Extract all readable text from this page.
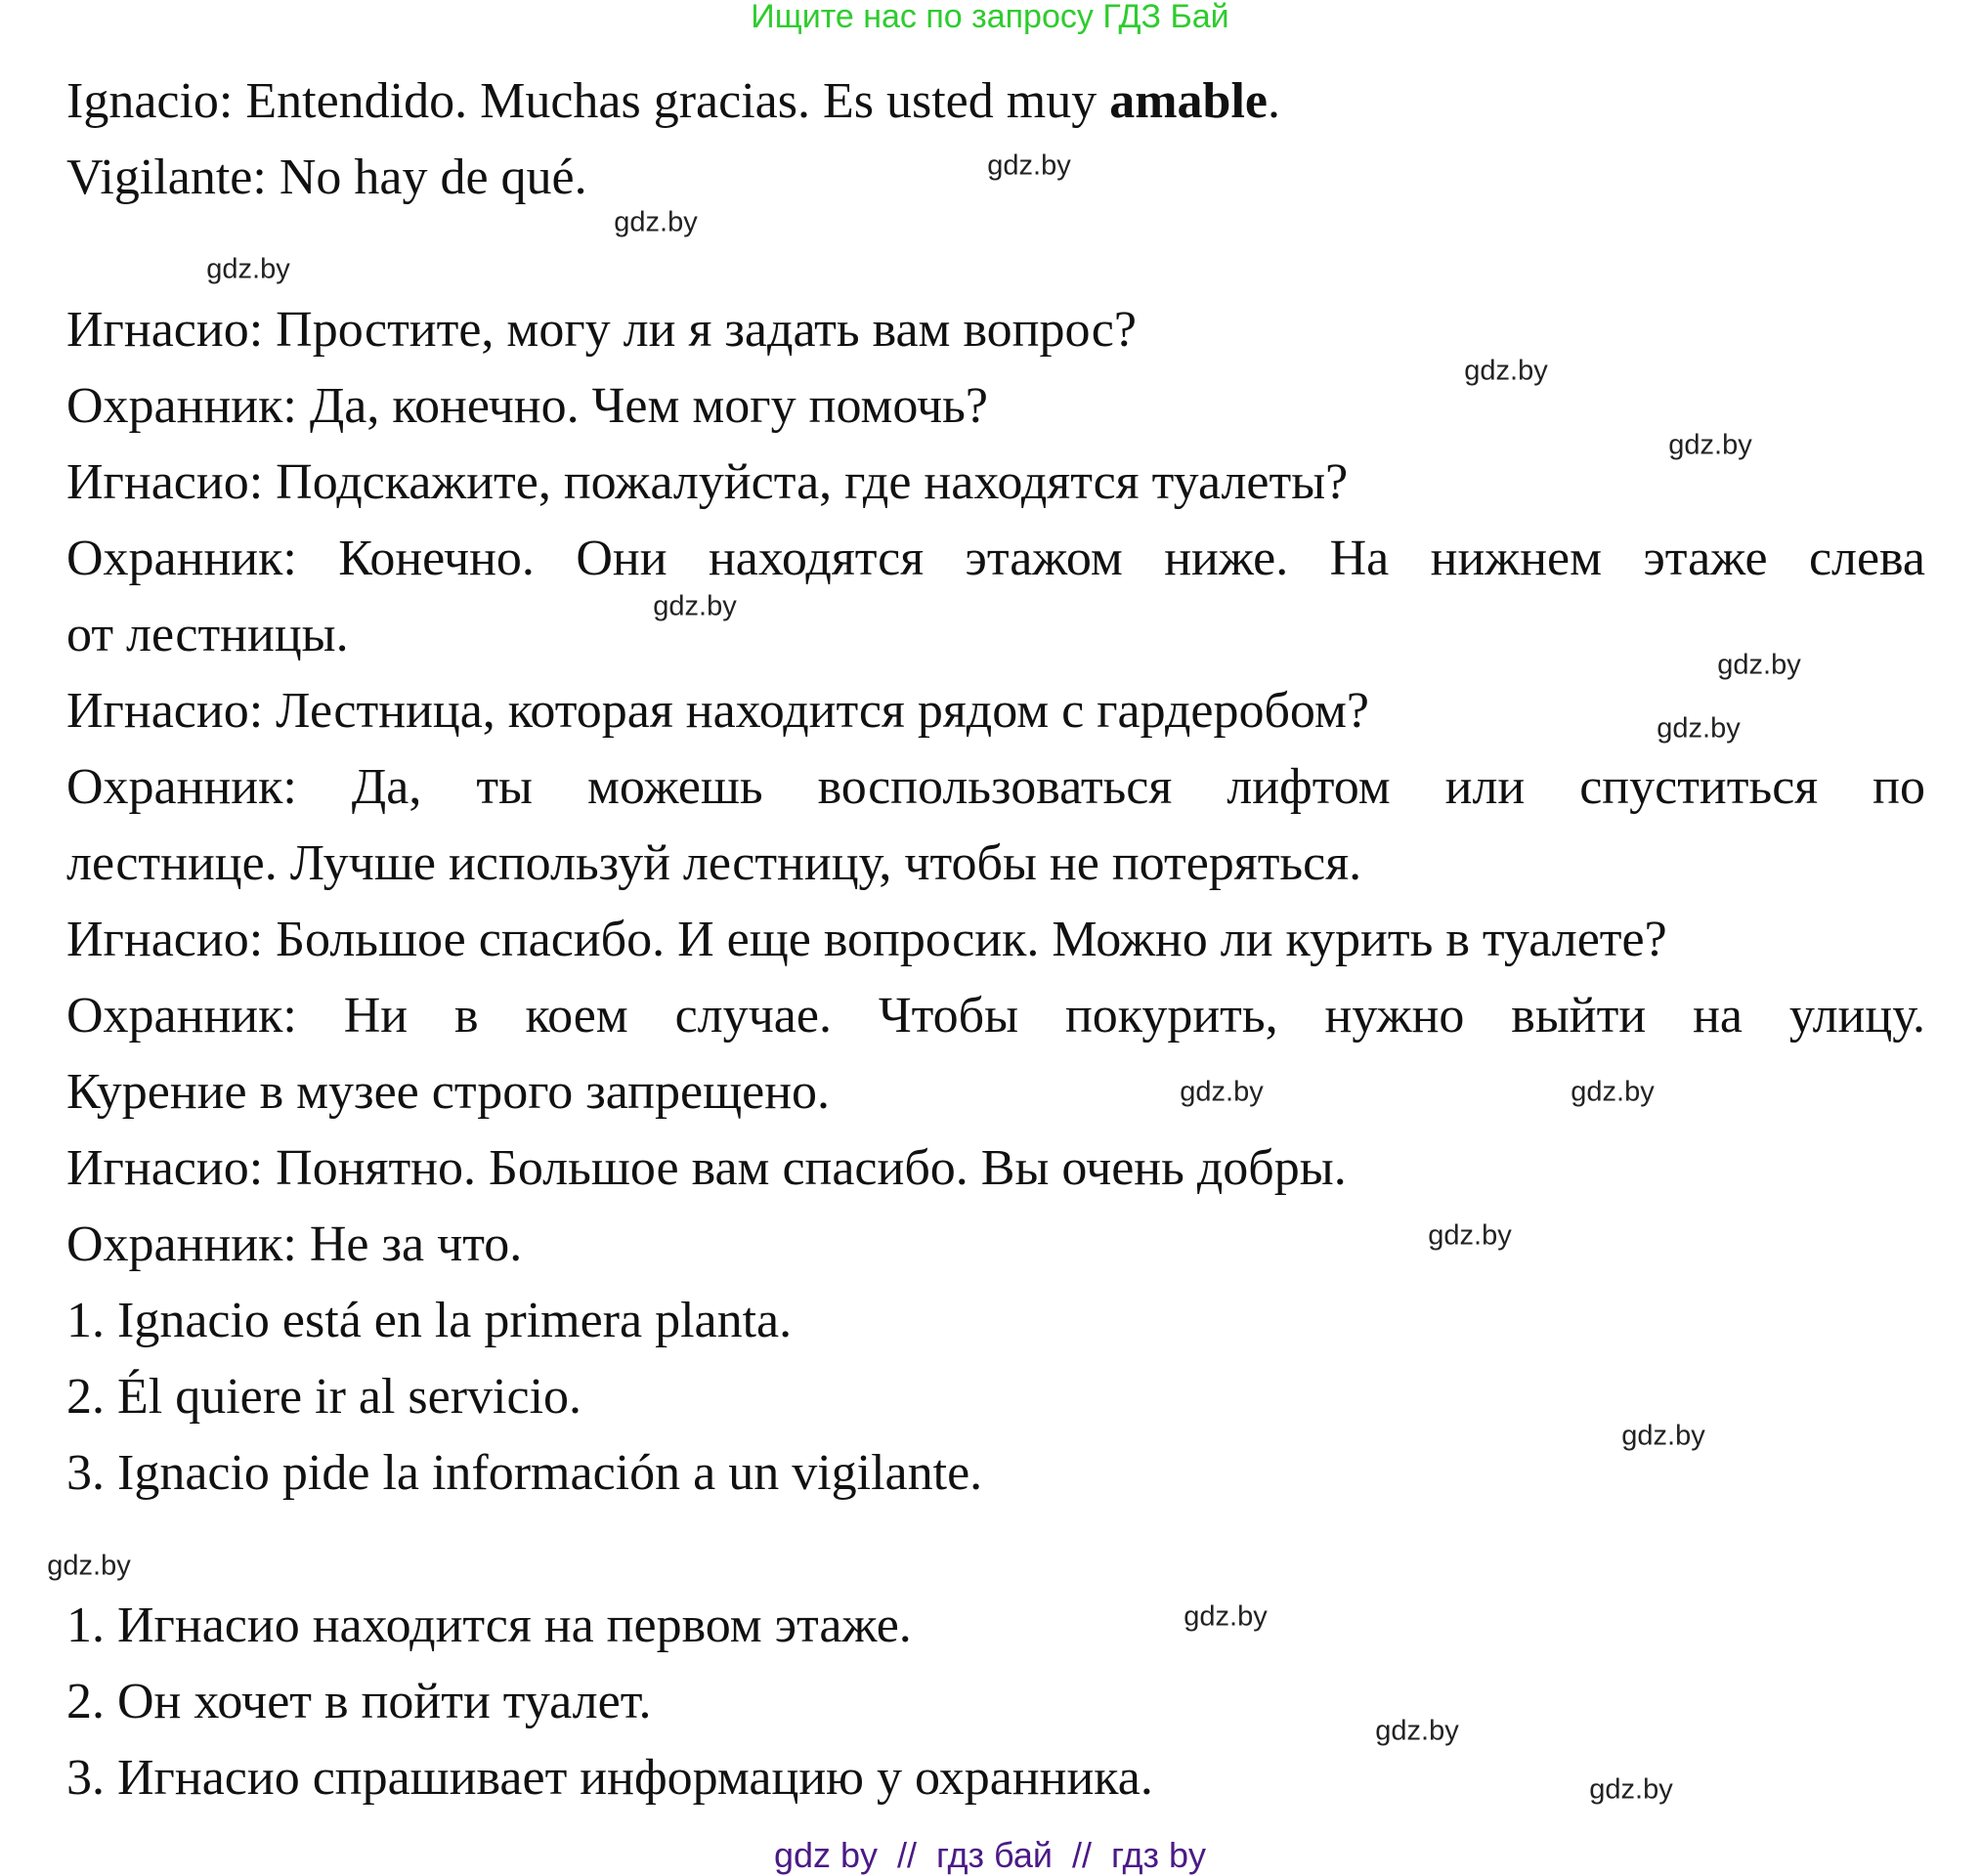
Ищите нас по запросу ГДЗ Бай
Ignacio: Entendido. Muchas gracias. Es usted muy amable.
Vigilante: No hay de qué.
Игнасио: Простите, могу ли я задать вам вопрос?
Охранник: Да, конечно. Чем могу помочь?
Игнасио: Подскажите, пожалуйста, где находятся туалеты?
Охранник: Конечно. Они находятся этажом ниже. На нижнем этаже слева
от лестницы.
Игнасио: Лестница, которая находится рядом с гардеробом?
Охранник: Да, ты можешь воспользоваться лифтом или спуститься по
лестнице. Лучше используй лестницу, чтобы не потеряться.
Игнасио: Большое спасибо. И еще вопросик. Можно ли курить в туалете?
Охранник: Ни в коем случае. Чтобы покурить, нужно выйти на улицу.
Курение в музее строго запрещено.
Игнасио: Понятно. Большое вам спасибо. Вы очень добры.
Охранник: Не за что.
1. Ignacio está en la primera planta.
2. Él quiere ir al servicio.
3. Ignacio pide la información a un vigilante.
1. Игнасио находится на первом этаже.
2. Он хочет в пойти туалет.
3. Игнасио спрашивает информацию у охранника.
gdz.by
gdz.by
gdz.by
gdz.by
gdz.by
gdz.by
gdz.by
gdz.by
gdz.by	gdz.by
gdz.by
gdz.by
gdz.by
gdz.by
gdz.by
gdz.by
gdz by  //  гдз бай  //  гдз by
